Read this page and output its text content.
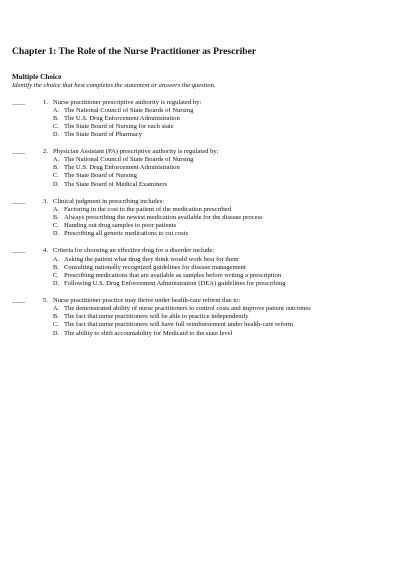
Chapter 1: The Role of the Nurse Practitioner as Prescriber
Multiple Choice
Identify the choice that best completes the statement or answers the question.
____	1. Nurse practitioner prescriptive authority is regulated by:
A. The National Council of State Boards of Nursing
B. The U.S. Drug Enforcement Administration
C. The State Board of Nursing for each state
D. The State Board of Pharmacy
____	2. Physician Assistant (PA) prescriptive authority is regulated by:
A. The National Council of State Boards of Nursing
B. The U.S. Drug Enforcement Administration
C. The State Board of Nursing
D. The State Board of Medical Examiners
____	3. Clinical judgment in prescribing includes:
A. Factoring in the cost to the patient of the medication prescribed
B. Always prescribing the newest medication available for the disease process
C. Handing out drug samples to poor patients
D. Prescribing all generic medications to cut costs
____	4. Criteria for choosing an effective drug for a disorder include:
A. Asking the patient what drug they think would work best for them
B. Consulting nationally recognized guidelines for disease management
C. Prescribing medications that are available as samples before writing a prescription
D. Following U.S. Drug Enforcement Administration (DEA) guidelines for prescribing
____	5. Nurse practitioner practice may thrive under health-care reform due to:
A. The demonstrated ability of nurse practitioners to control costs and improve patient outcomes
B. The fact that nurse practitioners will be able to practice independently
C. The fact that nurse practitioners will have full reimbursement under health-care reform
D. The ability to shift accountability for Medicaid to the state level
